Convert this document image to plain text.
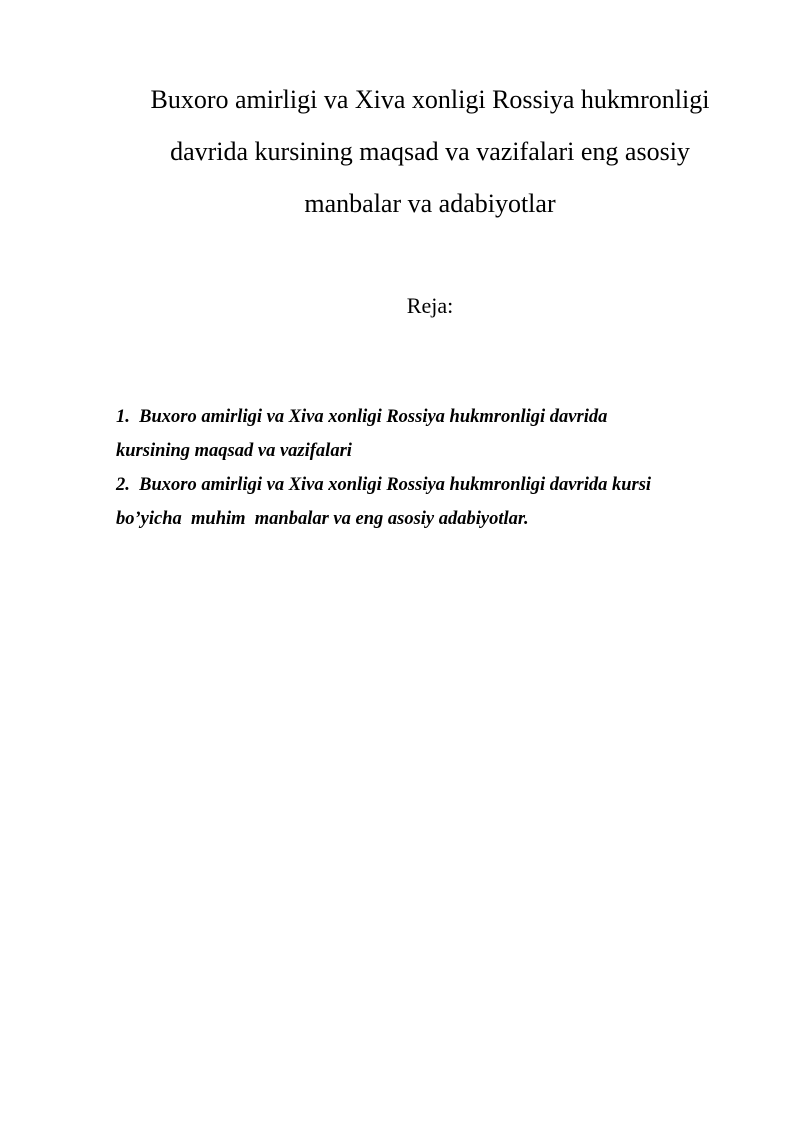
Buxoro amirligi va Xiva xonligi Rossiya hukmronligi
davrida kursining maqsad va vazifalari eng asosiy
manbalar va adabiyotlar
Reja:
1.  Buxoro amirligi va Xiva xonligi Rossiya hukmronligi davrida
kursining maqsad va vazifalari
2.  Buxoro amirligi va Xiva xonligi Rossiya hukmronligi davrida kursi
bo’yicha  muhim  manbalar va eng asosiy adabiyotlar.
